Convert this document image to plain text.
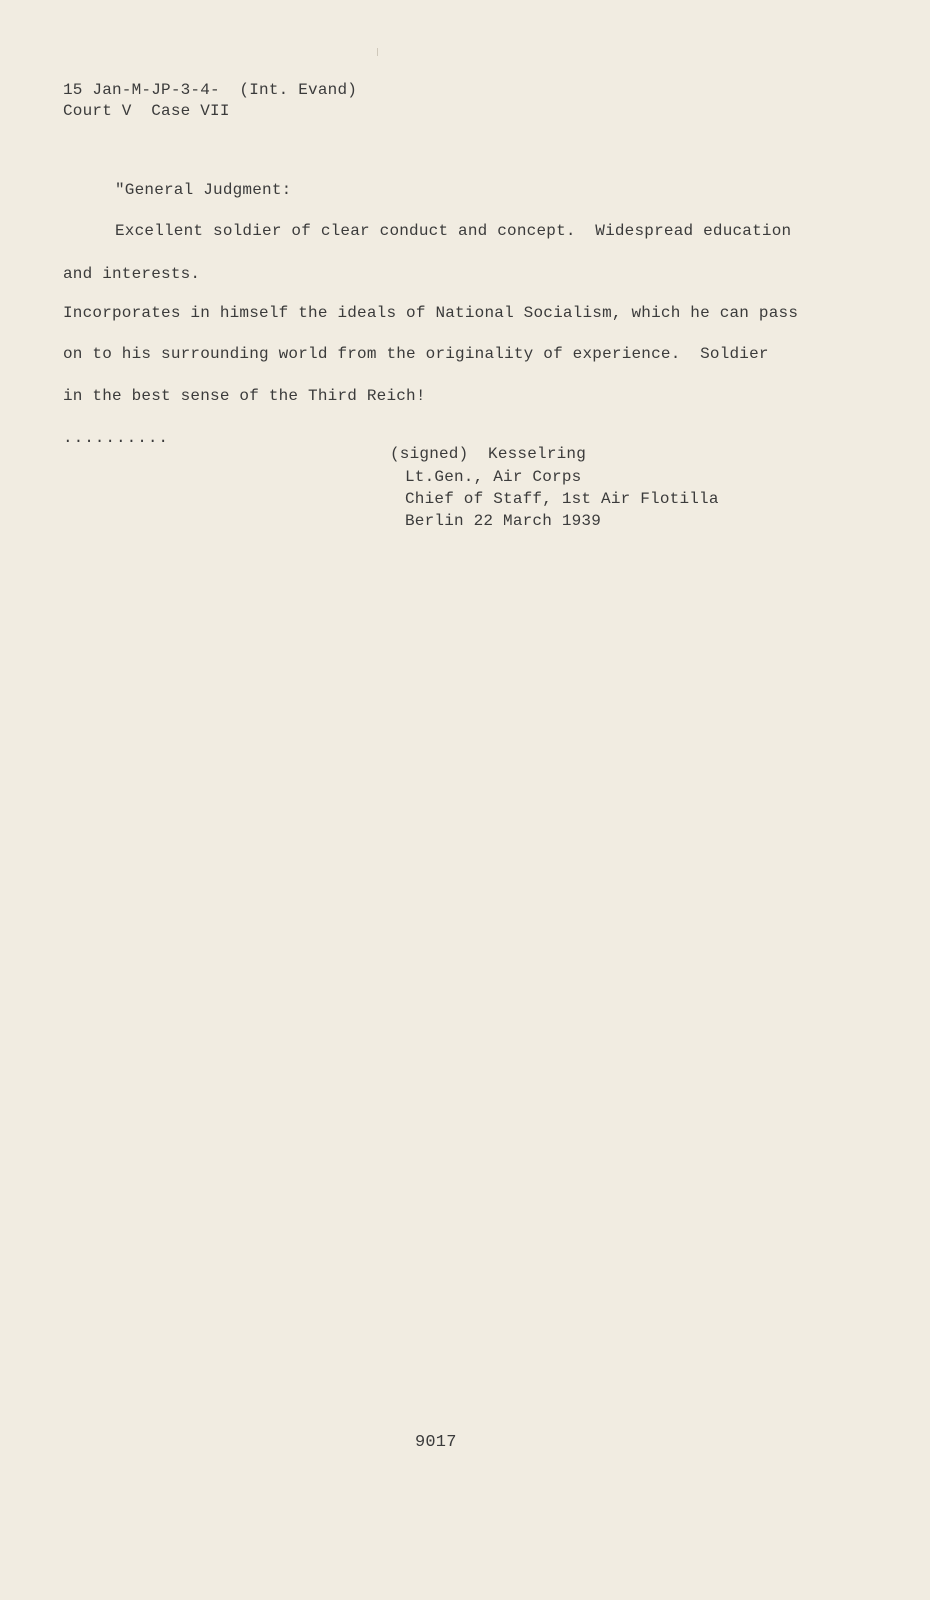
15 Jan-M-JP-3-4-  (Int. Evand)
Court V  Case VII
"General Judgment:
Excellent soldier of clear conduct and concept.  Widespread education
and interests.
Incorporates in himself the ideals of National Socialism, which he can pass
on to his surrounding world from the originality of experience.  Soldier
in the best sense of the Third Reich!
..........
(signed)  Kesselring
Lt.Gen., Air Corps
Chief of Staff, 1st Air Flotilla
Berlin 22 March 1939
9017
